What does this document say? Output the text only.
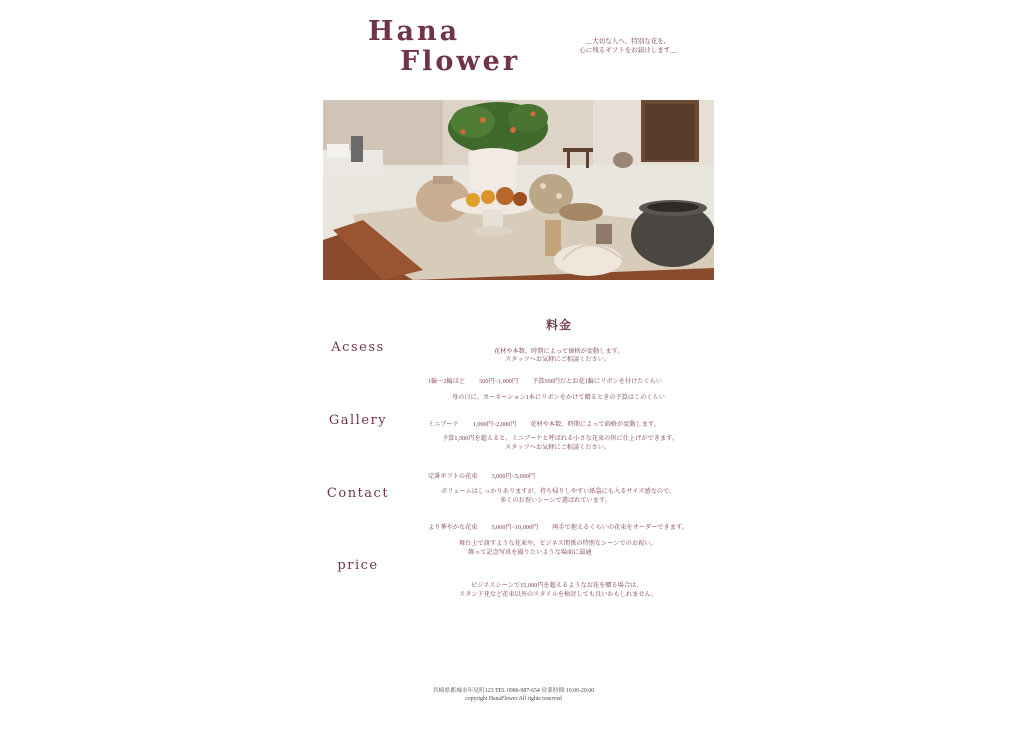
Hana
Flower
__大切な人へ、特別な花を。
心に残るギフトをお届けします__
Acsess
Gallery
Contact
price
料金
花材や本数、時期によって価格が変動します。
スタッフへお気軽にご相談ください。
1輪〜2輪ほど 500円~1,000円 予算500円だとお花1輪にリボンを付けたくらい
母の日に、カーネーション1本にリボンをかけて贈るときの予算はこのくらい
ミニブーケ 1,000円~2,000円 花材や本数、時期によって価格が変動します。
予算1,500円を超えると、ミニブーケと呼ばれる小さな花束の形に仕上げができます。
スタッフへお気軽にご相談ください。
定番ギフトの花束 3,000円~5,000円
ボリュームはしっかりありますが、持ち帰りしやすい紙袋にも入るサイズ感なので、
多くのお祝いシーンで選ばれています。
より華やかな花束 5,000円~10,000円 両手で抱えるくらいの花束をオーダーできます。
舞台上で渡すような花束や、ビジネス関係の特別なシーンでのお祝い、
飾って記念写真を撮りたいような場面に最適
ビジネスシーンで15,000円を超えるようなお花を贈る場合は、
スタンド花など花束以外のスタイルを検討しても良いかもしれません。
宮崎県都城市年見町123 TEL 0986-987-654 営業時間 10:00-20:00
copyright HanaFlower All rights reserved
